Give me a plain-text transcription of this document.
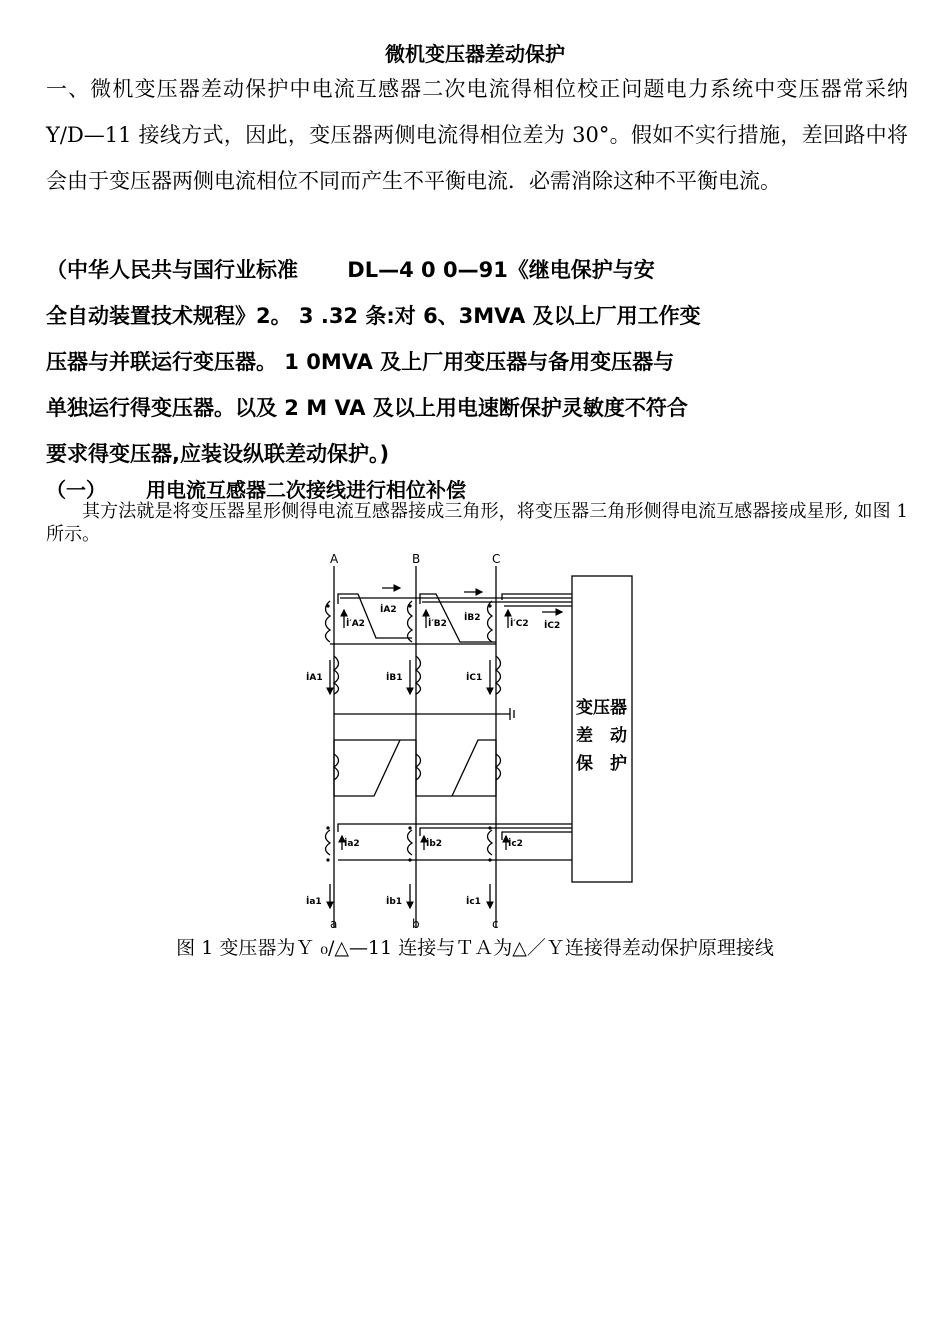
微机变压器差动保护

一、微机变压器差动保护中电流互感器二次电流得相位校正问题电力系统中变压器常采纳 Y/D—11 接线方式，因此，变压器两侧电流得相位差为 30°。假如不实行措施，差回路中将会由于变压器两侧电流相位不同而产生不平衡电流．必需消除这种不平衡电流。

（中华人民共与国行业标准　　 DL—4 0 0—91《继电保护与安

全自动装置技术规程》2。 3 .32 条:对 6、3MVA 及以上厂用工作变

压器与并联运行变压器。 1 0MVA 及上厂用变压器与备用变压器与

单独运行得变压器。以及 2 M VA 及以上用电速断保护灵敏度不符合

要求得变压器,应装设纵联差动保护。)

（一） 用电流互感器二次接线进行相位补偿

其方法就是将变压器星形侧得电流互感器接成三角形，将变压器三角形侧得电流互感器接成星形, 如图 1 所示。

A	B	C
a	b	c
İ′A2	İ′B2	İ′C2
İA2
İB2
İC2
İA1	İB1	İC1
İa2	İb2	İc2
İa1	İb1	İc1
变压器
差　动
保　护
图 1 变压器为Ｙ ₀/△—11 连接与ＴＡ为△／Ｙ连接得差动保护原理接线
